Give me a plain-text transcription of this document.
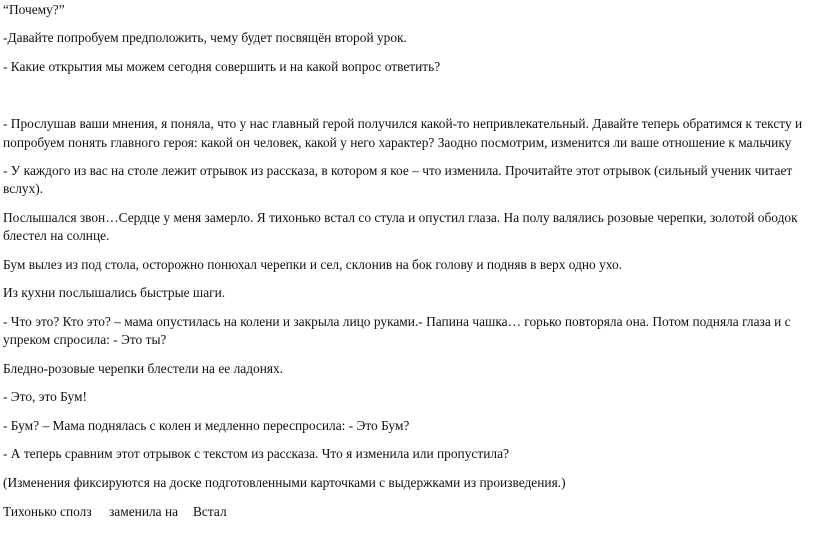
“Почему?”
-Давайте попробуем предположить, чему будет посвящён второй урок.
- Какие открытия мы можем сегодня совершить и на какой вопрос ответить?
- Прослушав ваши мнения, я поняла, что у нас главный герой получился какой-то непривлекательный. Давайте теперь обратимся к тексту и
попробуем понять главного героя: какой он человек, какой у него характер? Заодно посмотрим, изменится ли ваше отношение к мальчику
- У каждого из вас на столе лежит отрывок из рассказа, в котором я кое – что изменила. Прочитайте этот отрывок (сильный ученик читает
вслух).
Послышался звон…Сердце у меня замерло. Я тихонько встал со стула и опустил глаза. На полу валялись розовые черепки, золотой ободок
блестел на солнце.
Бум вылез из под стола, осторожно понюхал черепки и сел, склонив на бок голову и подняв в верх одно ухо.
Из кухни послышались быстрые шаги.
- Что это? Кто это? – мама опустилась на колени и закрыла лицо руками.- Папина чашка… горько повторяла она. Потом подняла глаза и с
упреком спросила: - Это ты?
Бледно-розовые черепки блестели на ее ладонях.
- Это, это Бум!
- Бум? – Мама поднялась с колен и медленно переспросила: - Это Бум?
- А теперь сравним этот отрывок с текстом из рассказа. Что я изменила или пропустила?
(Изменения фиксируются на доске подготовленными карточками с выдержками из произведения.)
Тихонько сполз заменила на Встал
